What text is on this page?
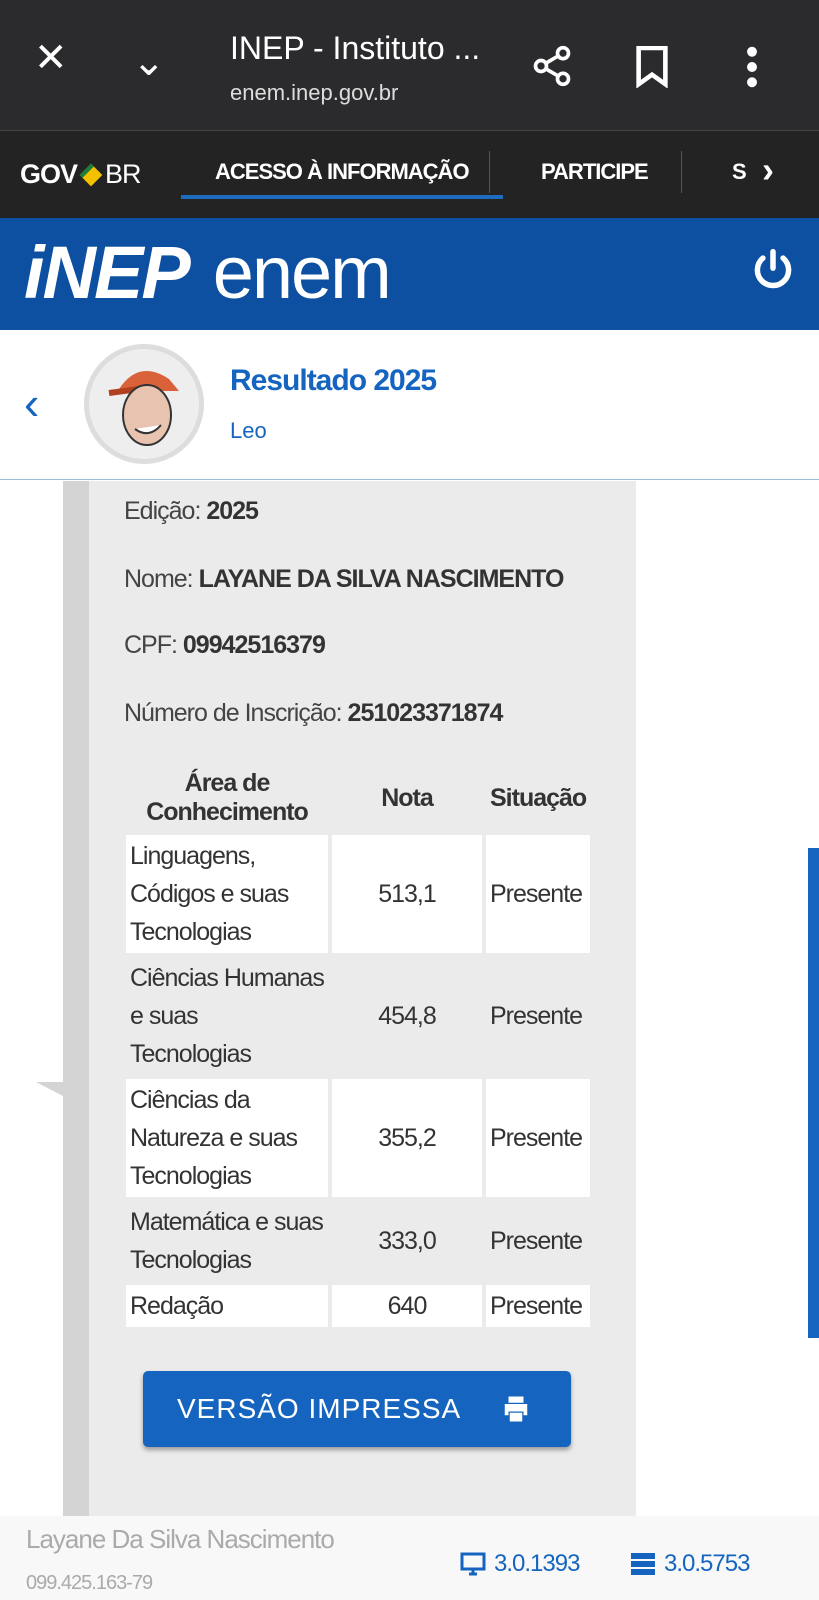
✕ ⌄ INEP - Instituto ...
enem.inep.gov.br
GOV BR	ACESSO À INFORMAÇÃO	PARTICIPE	S ›
iNEP enem
‹	Resultado 2025
Leo
Edição: 2025
Nome: LAYANE DA SILVA NASCIMENTO
CPF: 09942516379
Número de Inscrição: 251023371874
Área de Conhecimento	Nota	Situação
Linguagens, Códigos e suas Tecnologias	513,1	Presente
Ciências Humanas e suas Tecnologias	454,8	Presente
Ciências da Natureza e suas Tecnologias	355,2	Presente
Matemática e suas Tecnologias	333,0	Presente
Redação	640	Presente
VERSÃO IMPRESSA
Layane Da Silva Nascimento
099.425.163-79
3.0.1393	3.0.5753
